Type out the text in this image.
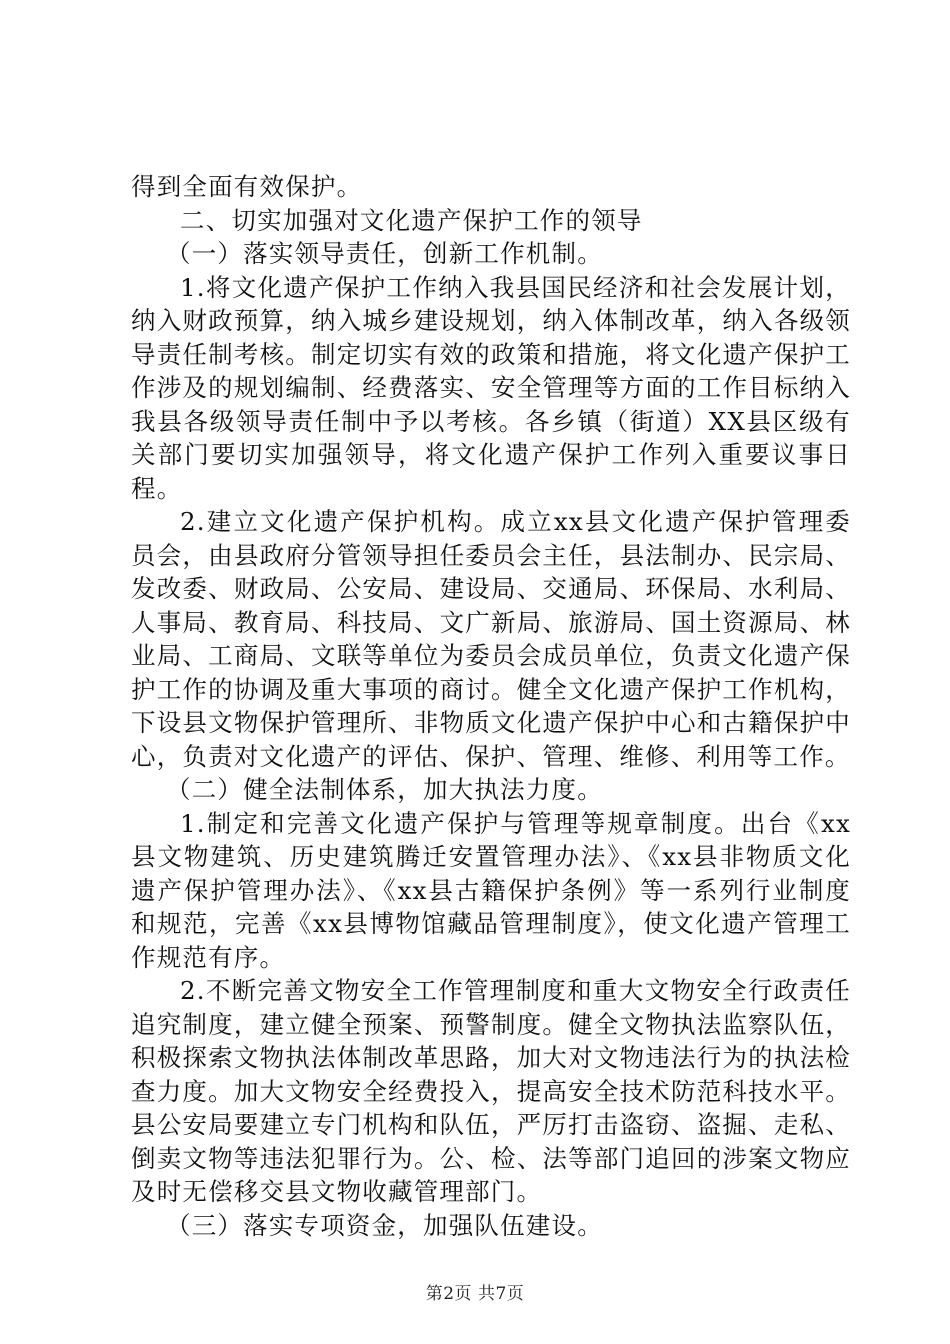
得到全面有效保护。

二、切实加强对文化遗产保护工作的领导

（一）落实领导责任，创新工作机制。

1.将文化遗产保护工作纳入我县国民经济和社会发展计划，纳入财政预算，纳入城乡建设规划，纳入体制改革，纳入各级领导责任制考核。制定切实有效的政策和措施，将文化遗产保护工作涉及的规划编制、经费落实、安全管理等方面的工作目标纳入我县各级领导责任制中予以考核。各乡镇（街道）XX县区级有关部门要切实加强领导，将文化遗产保护工作列入重要议事日程。

2.建立文化遗产保护机构。成立xx县文化遗产保护管理委员会，由县政府分管领导担任委员会主任，县法制办、民宗局、发改委、财政局、公安局、建设局、交通局、环保局、水利局、人事局、教育局、科技局、文广新局、旅游局、国土资源局、林业局、工商局、文联等单位为委员会成员单位，负责文化遗产保护工作的协调及重大事项的商讨。健全文化遗产保护工作机构，下设县文物保护管理所、非物质文化遗产保护中心和古籍保护中心，负责对文化遗产的评估、保护、管理、维修、利用等工作。

（二）健全法制体系，加大执法力度。

1.制定和完善文化遗产保护与管理等规章制度。出台《xx县文物建筑、历史建筑腾迁安置管理办法》、《xx县非物质文化遗产保护管理办法》、《xx县古籍保护条例》等一系列行业制度和规范，完善《xx县博物馆藏品管理制度》，使文化遗产管理工作规范有序。

2.不断完善文物安全工作管理制度和重大文物安全行政责任追究制度，建立健全预案、预警制度。健全文物执法监察队伍，积极探索文物执法体制改革思路，加大对文物违法行为的执法检查力度。加大文物安全经费投入，提高安全技术防范科技水平。县公安局要建立专门机构和队伍，严厉打击盗窃、盗掘、走私、倒卖文物等违法犯罪行为。公、检、法等部门追回的涉案文物应及时无偿移交县文物收藏管理部门。

（三）落实专项资金，加强队伍建设。

第2页 共7页
